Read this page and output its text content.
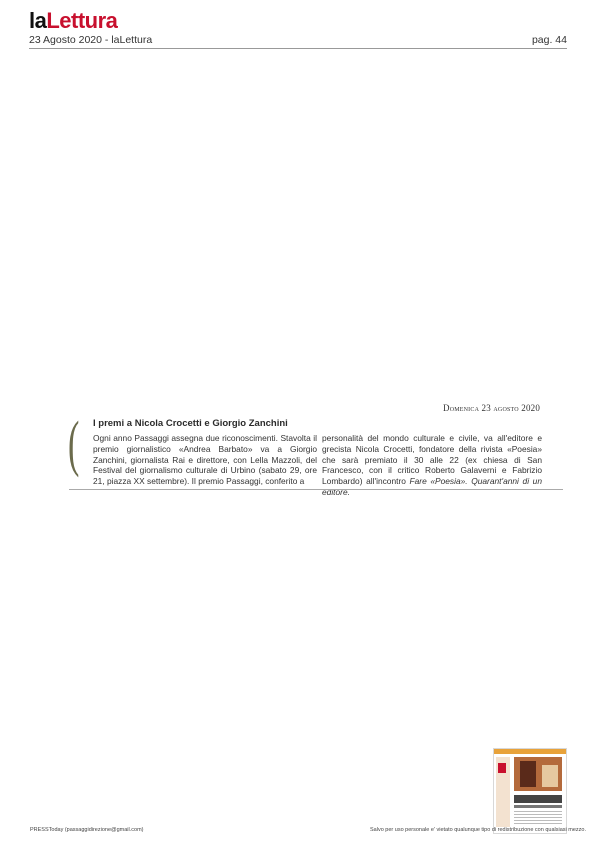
laLettura
23 Agosto 2020 - laLettura	pag. 44
Domenica 23 agosto 2020
( I premi a Nicola Crocetti e Giorgio Zanchini

Ogni anno Passaggi assegna due riconoscimenti. Stavolta il premio giornalistico «Andrea Barbato» va a Giorgio Zanchini, giornalista Rai e direttore, con Lella Mazzoli, del Festival del giornalismo culturale di Urbino (sabato 29, ore 21, piazza XX settembre). Il premio Passaggi, conferito a

personalità del mondo culturale e civile, va all'editore e grecista Nicola Crocetti, fondatore della rivista «Poesia» che sarà premiato il 30 alle 22 (ex chiesa di San Francesco, con il critico Roberto Galaverni e Fabrizio Lombardo) all'incontro Fare «Poesia». Quarant'anni di un editore.

PRESSToday (passaggidirezione@gmail.com)	Salvo per uso personale e' vietato qualunque tipo di redistribuzione con qualsiasi mezzo.
